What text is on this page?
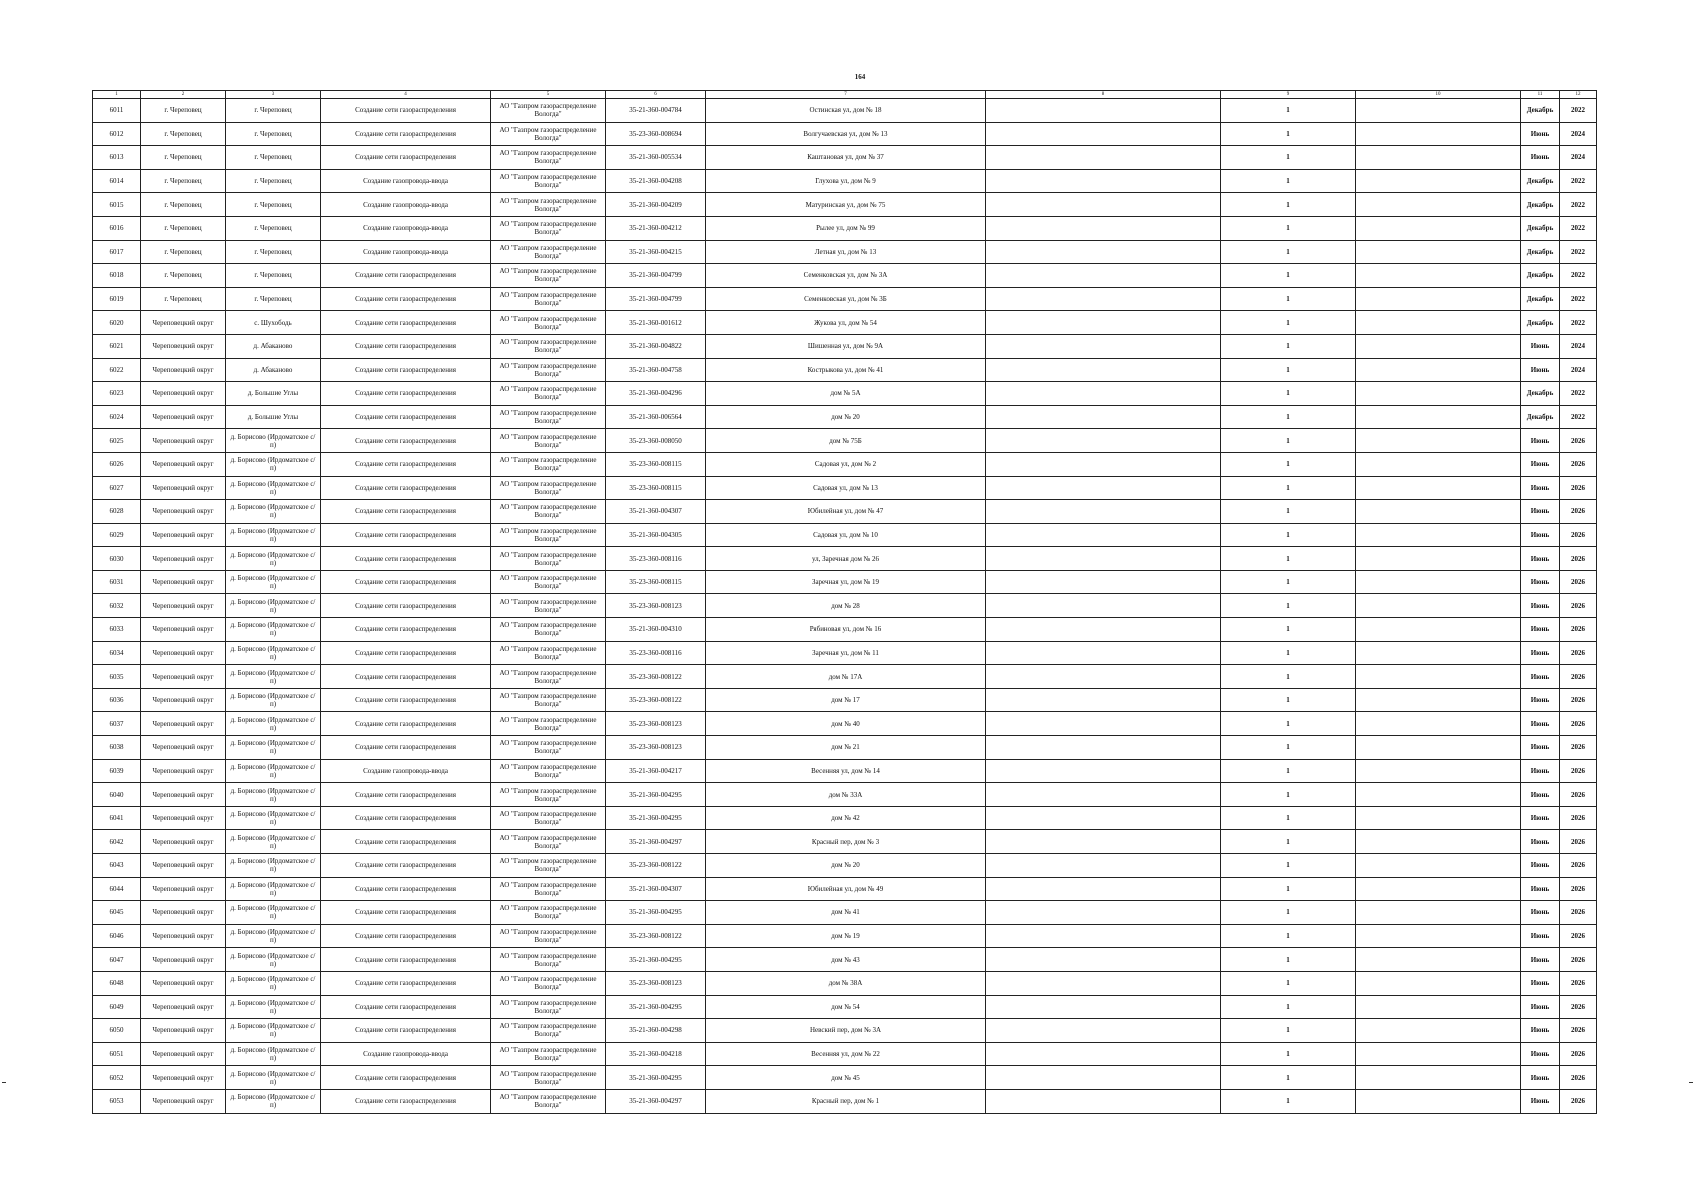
164
1	2	3	4	5	6	7	8	9	10	11	12
6011	г. Череповец	г. Череповец	Создание сети газораспределения	АО "Газпром газораспределение Вологда"	35-21-360-004784	Остинская ул, дом № 18		1		Декабрь	2022
6012	г. Череповец	г. Череповец	Создание сети газораспределения	АО "Газпром газораспределение Вологда"	35-23-360-008694	Волгучаевская ул, дом № 13		1		Июнь	2024
6013	г. Череповец	г. Череповец	Создание сети газораспределения	АО "Газпром газораспределение Вологда"	35-21-360-005534	Каштановая ул, дом № 37		1		Июнь	2024
6014	г. Череповец	г. Череповец	Создание газопровода-ввода	АО "Газпром газораспределение Вологда"	35-21-360-004208	Глухова ул, дом № 9		1		Декабрь	2022
6015	г. Череповец	г. Череповец	Создание газопровода-ввода	АО "Газпром газораспределение Вологда"	35-21-360-004209	Матуринская ул, дом № 75		1		Декабрь	2022
6016	г. Череповец	г. Череповец	Создание газопровода-ввода	АО "Газпром газораспределение Вологда"	35-21-360-004212	Рылее ул, дом № 99		1		Декабрь	2022
6017	г. Череповец	г. Череповец	Создание газопровода-ввода	АО "Газпром газораспределение Вологда"	35-21-360-004215	Летная ул, дом № 13		1		Декабрь	2022
6018	г. Череповец	г. Череповец	Создание сети газораспределения	АО "Газпром газораспределение Вологда"	35-21-360-004799	Семенковская ул, дом № 3А		1		Декабрь	2022
6019	г. Череповец	г. Череповец	Создание сети газораспределения	АО "Газпром газораспределение Вологда"	35-21-360-004799	Семенковская ул, дом № 3Б		1		Декабрь	2022
6020	Череповецкий округ	с. Шухободь	Создание сети газораспределения	АО "Газпром газораспределение Вологда"	35-21-360-001612	Жукова ул, дом № 54		1		Декабрь	2022
6021	Череповецкий округ	д. Абакановo	Создание сети газораспределения	АО "Газпром газораспределение Вологда"	35-21-360-004822	Шишенная ул, дом № 9А		1		Июнь	2024
6022	Череповецкий округ	д. Абаканово	Создание сети газораспределения	АО "Газпром газораспределение Вологда"	35-21-360-004758	Кострыкова ул, дом № 41		1		Июнь	2024
6023	Череповецкий округ	д. Большие Углы	Создание сети газораспределения	АО "Газпром газораспределение Вологда"	35-21-360-004296	дом № 5А		1		Декабрь	2022
6024	Череповецкий округ	д. Большие Углы	Создание сети газораспределения	АО "Газпром газораспределение Вологда"	35-21-360-006564	дом № 20		1		Декабрь	2022
6025	Череповецкий округ	д. Борисово (Ирдоматское с/п)	Создание сети газораспределения	АО "Газпром газораспределение Вологда"	35-23-360-008050	дом № 75Б		1		Июнь	2026
6026	Череповецкий округ	д. Борисово (Ирдоматское с/п)	Создание сети газораспределения	АО "Газпром газораспределение Вологда"	35-23-360-008115	Садовая ул, дом № 2		1		Июнь	2026
6027	Череповецкий округ	д. Борисово (Ирдоматское с/п)	Создание сети газораспределения	АО "Газпром газораспределение Вологда"	35-23-360-008115	Садовая ул, дом № 13		1		Июнь	2026
6028	Череповецкий округ	д. Борисово (Ирдоматское с/п)	Создание сети газораспределения	АО "Газпром газораспределение Вологда"	35-21-360-004307	Юбилейная ул, дом № 47		1		Июнь	2026
6029	Череповецкий округ	д. Борисово (Ирдоматское с/п)	Создание сети газораспределения	АО "Газпром газораспределение Вологда"	35-21-360-004305	Садовая ул, дом № 10		1		Июнь	2026
6030	Череповецкий округ	д. Борисово (Ирдоматское с/п)	Создание сети газораспределения	АО "Газпром газораспределение Вологда"	35-23-360-008116	ул, Заречная дом № 26		1		Июнь	2026
6031	Череповецкий округ	д. Борисово (Ирдоматское с/п)	Создание сети газораспределения	АО "Газпром газораспределение Вологда"	35-23-360-008115	Заречная ул, дом № 19		1		Июнь	2026
6032	Череповецкий округ	д. Борисово (Ирдоматское с/п)	Создание сети газораспределения	АО "Газпром газораспределение Вологда"	35-23-360-008123	дом № 28		1		Июнь	2026
6033	Череповецкий округ	д. Борисово (Ирдоматское с/п)	Создание сети газораспределения	АО "Газпром газораспределение Вологда"	35-21-360-004310	Рябиновая ул, дом № 16		1		Июнь	2026
6034	Череповецкий округ	д. Борисово (Ирдоматское с/п)	Создание сети газораспределения	АО "Газпром газораспределение Вологда"	35-23-360-008116	Заречная ул, дом № 11		1		Июнь	2026
6035	Череповецкий округ	д. Борисово (Ирдоматское с/п)	Создание сети газораспределения	АО "Газпром газораспределение Вологда"	35-23-360-008122	дом № 17А		1		Июнь	2026
6036	Череповецкий округ	д. Борисово (Ирдоматское с/п)	Создание сети газораспределения	АО "Газпром газораспределение Вологда"	35-23-360-008122	дом № 17		1		Июнь	2026
6037	Череповецкий округ	д. Борисово (Ирдоматское с/п)	Создание сети газораспределения	АО "Газпром газораспределение Вологда"	35-23-360-008123	дом № 40		1		Июнь	2026
6038	Череповецкий округ	д. Борисово (Ирдоматское с/п)	Создание сети газораспределения	АО "Газпром газораспределение Вологда"	35-23-360-008123	дом № 21		1		Июнь	2026
6039	Череповецкий округ	д. Борисово (Ирдоматское с/п)	Создание газопровода-ввода	АО "Газпром газораспределение Вологда"	35-21-360-004217	Весенняя ул, дом № 14		1		Июнь	2026
6040	Череповецкий округ	д. Борисово (Ирдоматское с/п)	Создание сети газораспределения	АО "Газпром газораспределение Вологда"	35-21-360-004295	дом № 33А		1		Июнь	2026
6041	Череповецкий округ	д. Борисово (Ирдоматское с/п)	Создание сети газораспределения	АО "Газпром газораспределение Вологда"	35-21-360-004295	дом № 42		1		Июнь	2026
6042	Череповецкий округ	д. Борисово (Ирдоматское с/п)	Создание сети газораспределения	АО "Газпром газораспределение Вологда"	35-21-360-004297	Красный пер, дом № 3		1		Июнь	2026
6043	Череповецкий округ	д. Борисово (Ирдоматское с/п)	Создание сети газораспределения	АО "Газпром газораспределение Вологда"	35-23-360-008122	дом № 20		1		Июнь	2026
6044	Череповецкий округ	д. Борисово (Ирдоматское с/п)	Создание сети газораспределения	АО "Газпром газораспределение Вологда"	35-21-360-004307	Юбилейная ул, дом № 49		1		Июнь	2026
6045	Череповецкий округ	д. Борисово (Ирдоматское с/п)	Создание сети газораспределения	АО "Газпром газораспределение Вологда"	35-21-360-004295	дом № 41		1		Июнь	2026
6046	Череповецкий округ	д. Борисово (Ирдоматское с/п)	Создание сети газораспределения	АО "Газпром газораспределение Вологда"	35-23-360-008122	дом № 19		1		Июнь	2026
6047	Череповецкий округ	д. Борисово (Ирдоматское с/п)	Создание сети газораспределения	АО "Газпром газораспределение Вологда"	35-21-360-004295	дом № 43		1		Июнь	2026
6048	Череповецкий округ	д. Борисово (Ирдоматское с/п)	Создание сети газораспределения	АО "Газпром газораспределение Вологда"	35-23-360-008123	дом № 38А		1		Июнь	2026
6049	Череповецкий округ	д. Борисово (Ирдоматское с/п)	Создание сети газораспределения	АО "Газпром газораспределение Вологда"	35-21-360-004295	дом № 54		1		Июнь	2026
6050	Череповецкий округ	д. Борисово (Ирдоматское с/п)	Создание сети газораспределения	АО "Газпром газораспределение Вологда"	35-21-360-004298	Невский пер, дом № 3А		1		Июнь	2026
6051	Череповецкий округ	д. Борисово (Ирдоматское с/п)	Создание газопровода-ввода	АО "Газпром газораспределение Вологда"	35-21-360-004218	Весенняя ул, дом № 22		1		Июнь	2026
6052	Череповецкий округ	д. Борисово (Ирдоматское с/п)	Создание сети газораспределения	АО "Газпром газораспределение Вологда"	35-21-360-004295	дом № 45		1		Июнь	2026
6053	Череповецкий округ	д. Борисово (Ирдоматское с/п)	Создание сети газораспределения	АО "Газпром газораспределение Вологда"	35-21-360-004297	Красный пер, дом № 1		1		Июнь	2026
